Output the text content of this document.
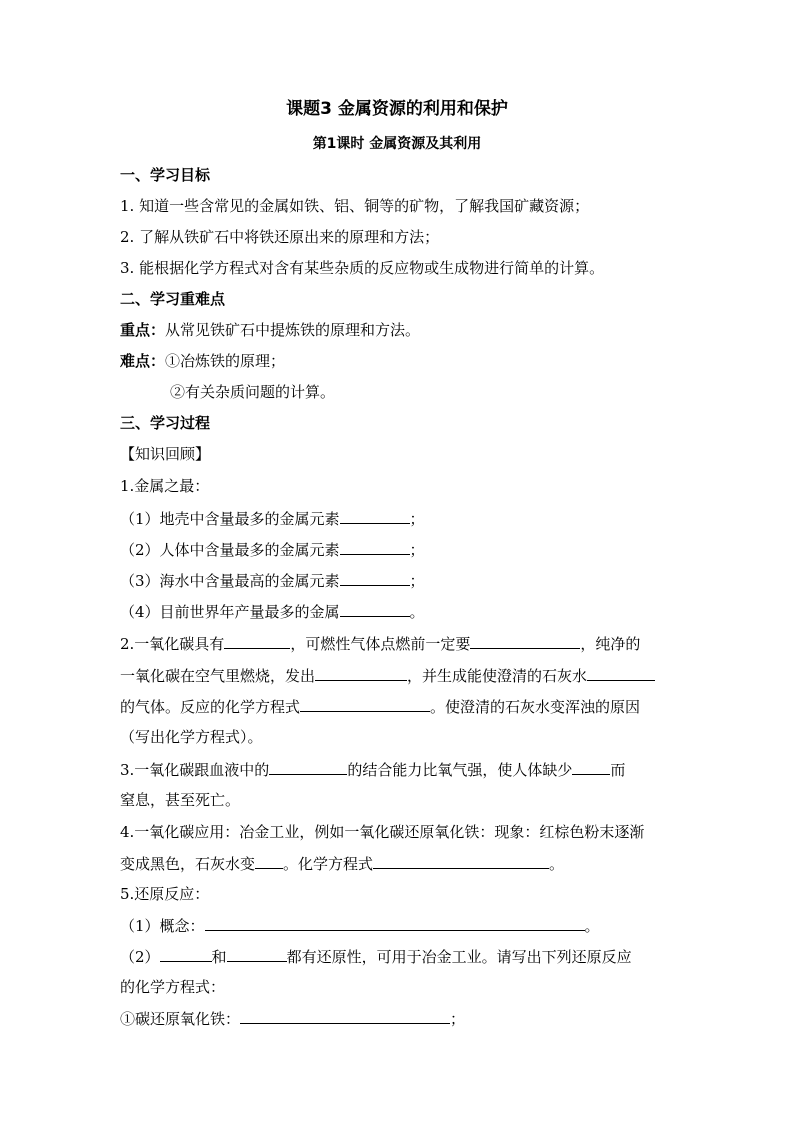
课题3 金属资源的利用和保护
第1课时 金属资源及其利用
一、学习目标
1. 知道一些含常见的金属如铁、铝、铜等的矿物，了解我国矿藏资源；
2. 了解从铁矿石中将铁还原出来的原理和方法；
3. 能根据化学方程式对含有某些杂质的反应物或生成物进行简单的计算。
二、学习重难点
重点：从常见铁矿石中提炼铁的原理和方法。
难点：①冶炼铁的原理；
②有关杂质问题的计算。
三、学习过程
【知识回顾】
1.金属之最：
（1）地壳中含量最多的金属元素	；
（2）人体中含量最多的金属元素	；
（3）海水中含量最高的金属元素	；
（4）目前世界年产量最多的金属	。
2.一氧化碳具有	，可燃性气体点燃前一定要	，纯净的
一氧化碳在空气里燃烧，发出	，并生成能使澄清的石灰水
的气体。反应的化学方程式	。使澄清的石灰水变浑浊的原因
（写出化学方程式）。
3.一氧化碳跟血液中的	的结合能力比氧气强，使人体缺少	而
窒息，甚至死亡。
4.一氧化碳应用：冶金工业，例如一氧化碳还原氧化铁：现象：红棕色粉末逐渐
变成黑色，石灰水变 。化学方程式	。
5.还原反应：
（1）概念：	。
（2）	和	都有还原性，可用于冶金工业。请写出下列还原反应
的化学方程式：
①碳还原氧化铁：	；
